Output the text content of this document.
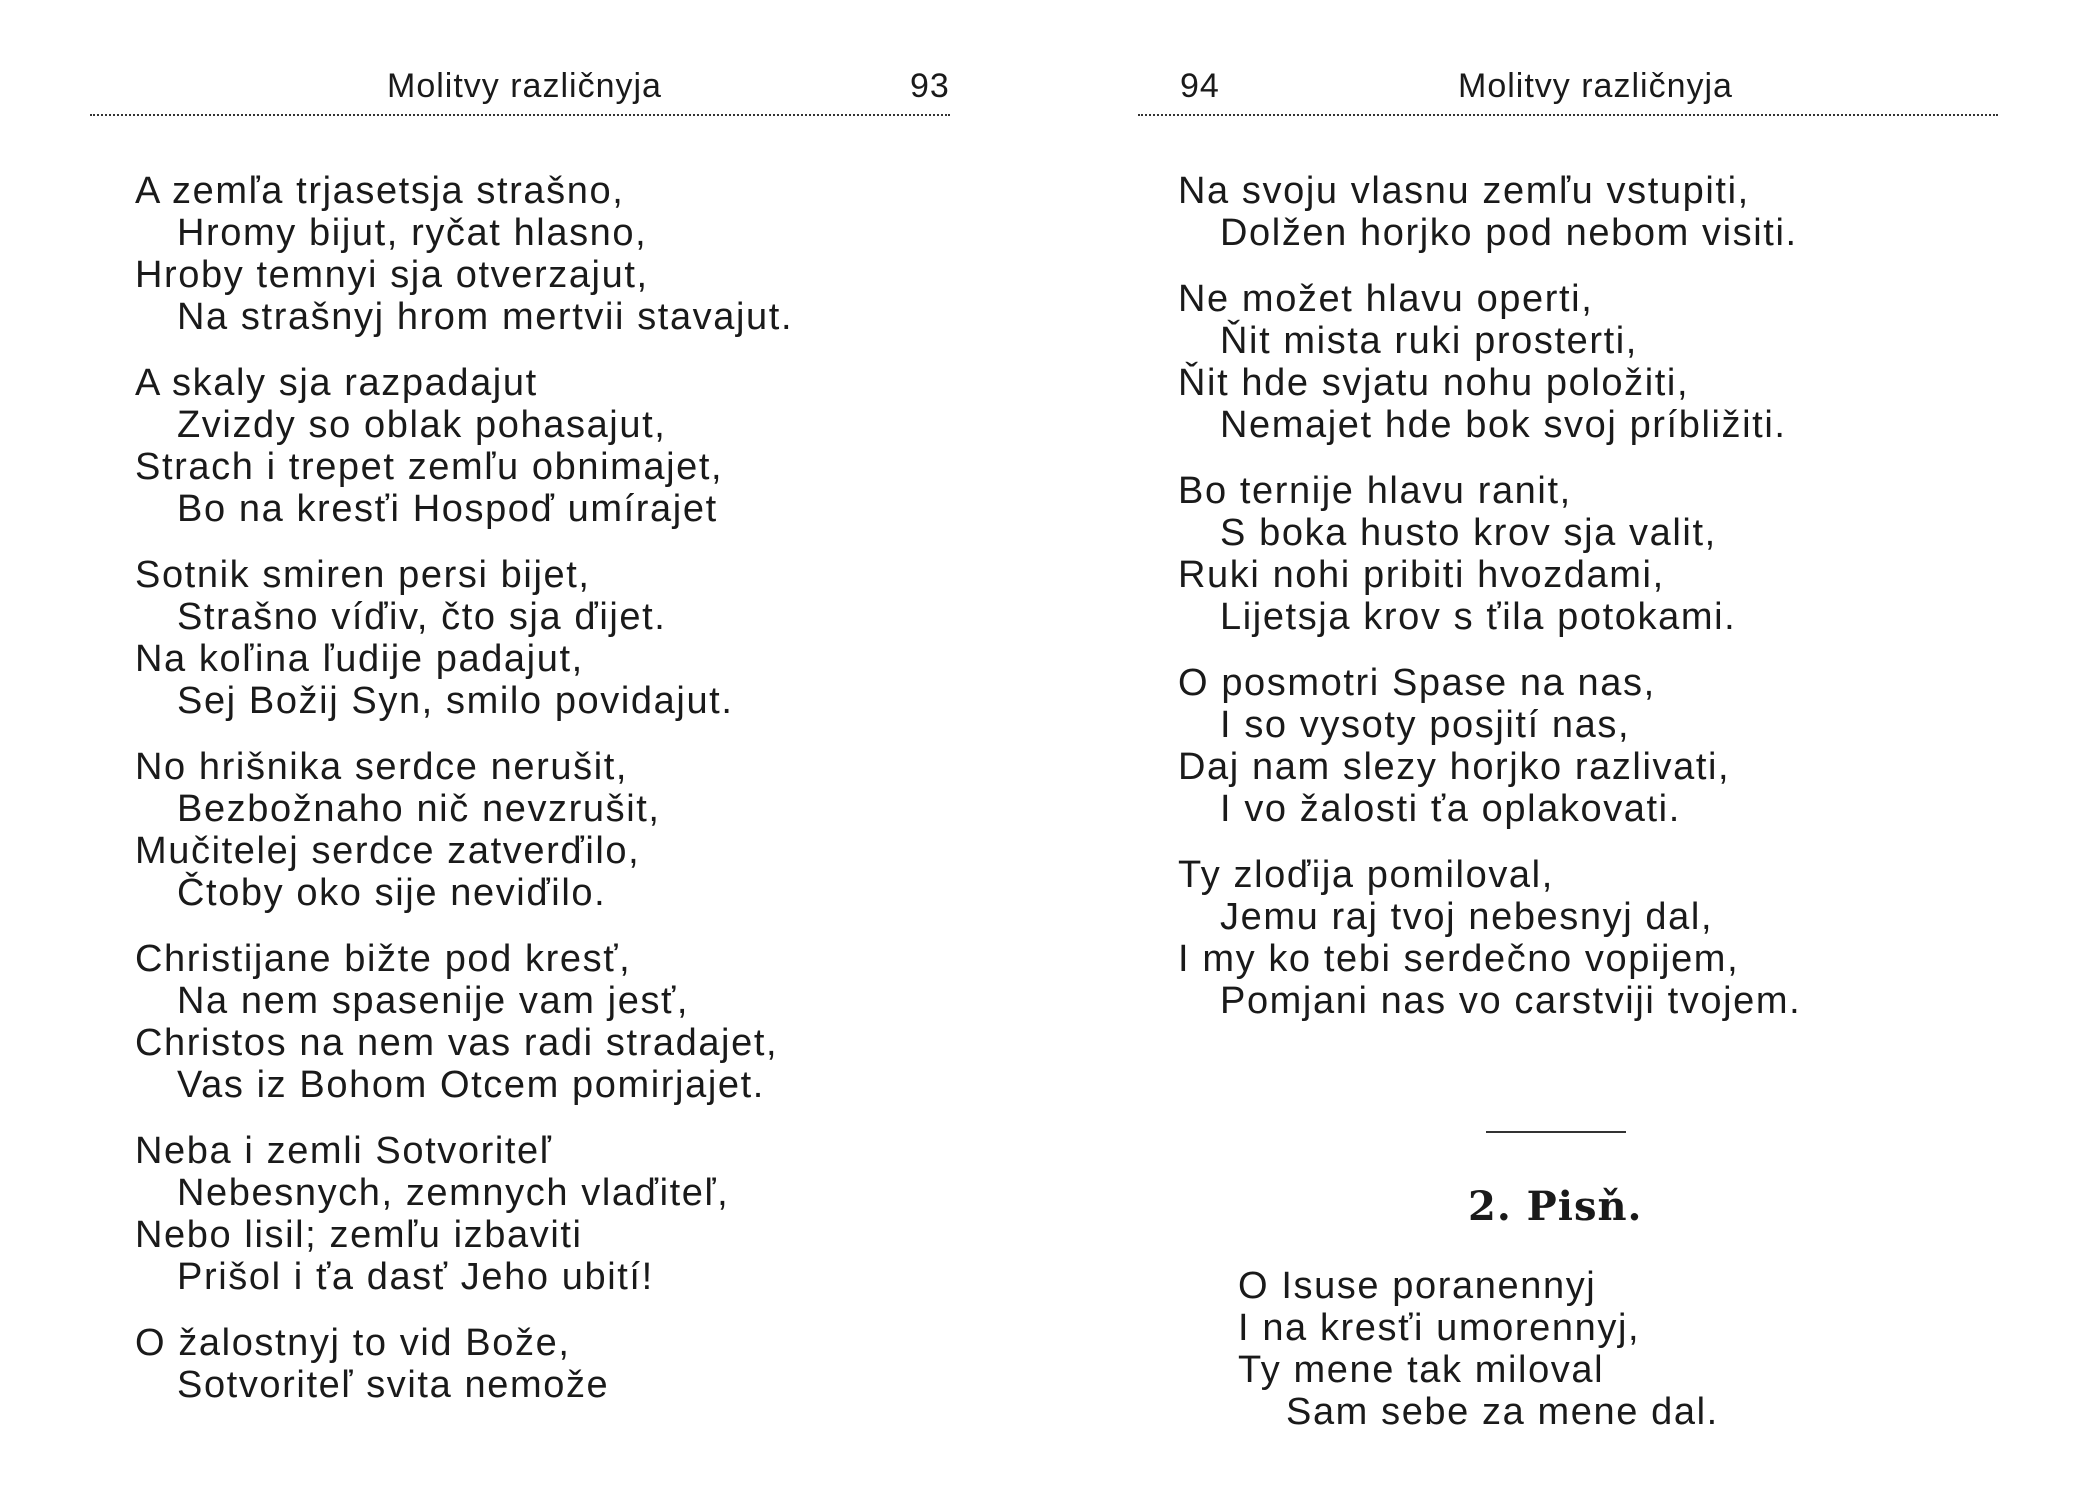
Molitvy različnyja	93
A zemľa trjasetsja strašno,
Hromy bijut, ryčat hlasno,
Hroby temnyi sja otverzajut,
Na strašnyj hrom mertvii stavajut.
A skaly sja razpadajut
Zvizdy so oblak pohasajut,
Strach i trepet zemľu obnimajet,
Bo na kresťi Hospoď umírajet
Sotnik smiren persi bijet,
Strašno víďiv, čto sja ďijet.
Na koľina ľudije padajut,
Sej Božij Syn, smilo povidajut.
No hrišnika serdce nerušit,
Bezbožnaho nič nevzrušit,
Mučitelej serdce zatverďilo,
Čtoby oko sije neviďilo.
Christijane bižte pod kresť,
Na nem spasenije vam jesť,
Christos na nem vas radi stradajet,
Vas iz Bohom Otcem pomirjajet.
Neba i zemli Sotvoriteľ
Nebesnych, zemnych vlaďiteľ,
Nebo lisil; zemľu izbaviti
Prišol i ťa dasť Jeho ubití!
O žalostnyj to vid Bože,
Sotvoriteľ svita nemože
94	Molitvy različnyja
Na svoju vlasnu zemľu vstupiti,
Dolžen horjko pod nebom visiti.
Ne možet hlavu operti,
Ňit mista ruki prosterti,
Ňit hde svjatu nohu položiti,
Nemajet hde bok svoj príbližiti.
Bo ternije hlavu ranit,
S boka husto krov sja valit,
Ruki nohi pribiti hvozdami,
Lijetsja krov s ťila potokami.
O posmotri Spase na nas,
I so vysoty posjití nas,
Daj nam slezy horjko razlivati,
I vo žalosti ťa oplakovati.
Ty zloďija pomiloval,
Jemu raj tvoj nebesnyj dal,
I my ko tebi serdečno vopijem,
Pomjani nas vo carstviji tvojem.
2. Pisň.
O Isuse poranennyj
I na kresťi umorennyj,
Ty mene tak miloval
Sam sebe za mene dal.
